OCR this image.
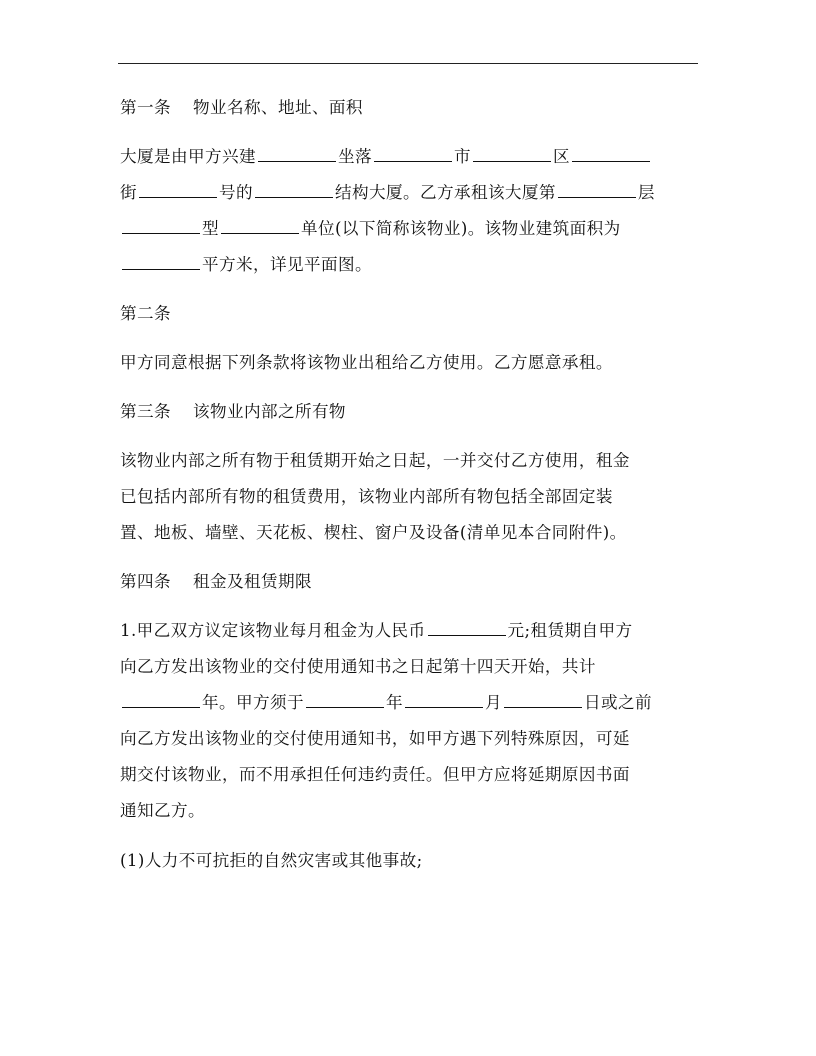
第一条 物业名称、地址、面积

大厦是由甲方兴建	坐落	市	区
街	号的	结构大厦。乙方承租该大厦第	层
型	单位(以下简称该物业)。该物业建筑面积为
平方米，详见平面图。

第二条

甲方同意根据下列条款将该物业出租给乙方使用。乙方愿意承租。

第三条 该物业内部之所有物

该物业内部之所有物于租赁期开始之日起，一并交付乙方使用，租金
已包括内部所有物的租赁费用，该物业内部所有物包括全部固定装
置、地板、墙壁、天花板、楔柱、窗户及设备(清单见本合同附件)。

第四条 租金及租赁期限

1.甲乙双方议定该物业每月租金为人民币	元;租赁期自甲方
向乙方发出该物业的交付使用通知书之日起第十四天开始，共计
年。甲方须于	年	月	日或之前
向乙方发出该物业的交付使用通知书，如甲方遇下列特殊原因，可延
期交付该物业，而不用承担任何违约责任。但甲方应将延期原因书面
通知乙方。

(1)人力不可抗拒的自然灾害或其他事故;
